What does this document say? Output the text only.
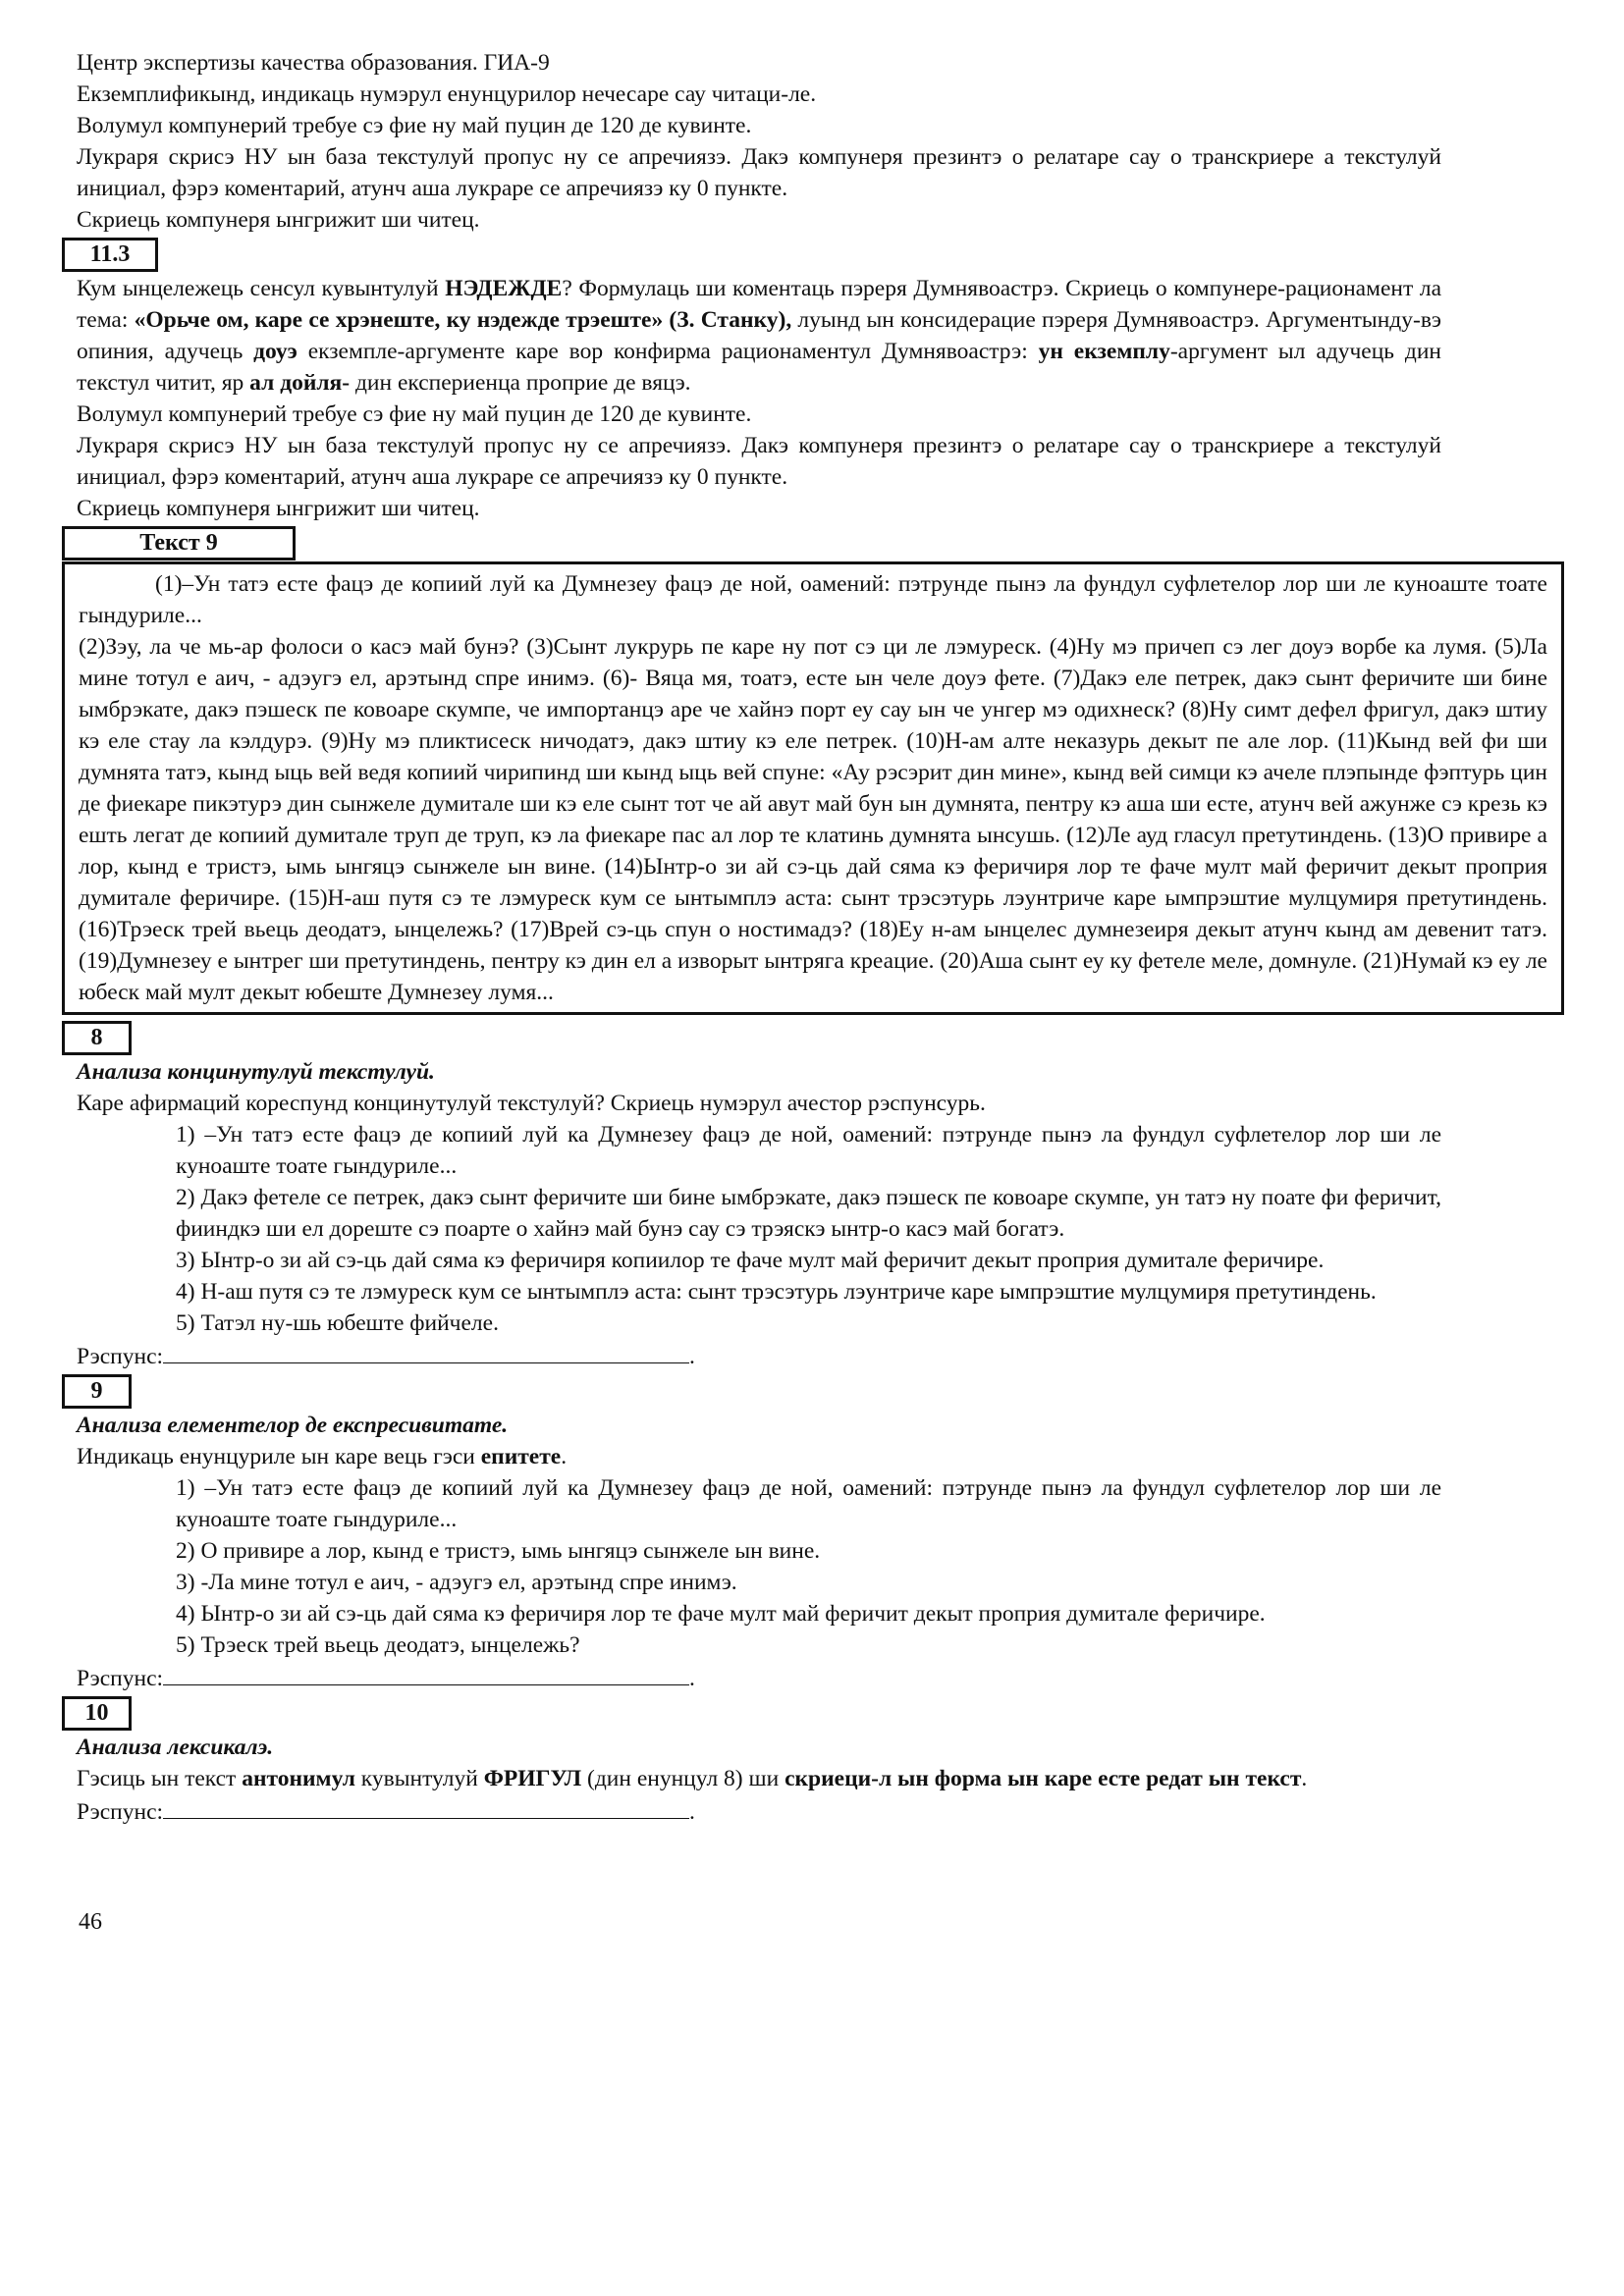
Центр экспертизы качества образования. ГИА-9

Екземплификынд, индикаць нумэрул енунцурилор нечесаре сау читаци-ле.

Волумул компунерий требуе сэ фие ну май пуцин де 120 де кувинте.

Лукраря скрисэ НУ ын база текстулуй пропус ну се апречиязэ. Дакэ компунеря презинтэ о релатаре сау о транскриере а текстулуй инициал, фэрэ коментарий, атунч аша лукраре се апречиязэ ку 0 пункте.

Скриець компунеря ынгрижит ши читец.

11.3

Кум ынцележець сенсул кувынтулуй НЭДЕЖДЕ? Формулаць ши коментаць пэреря Думнявоастрэ. Скриець о компунере-рационамент ла тема: «Орьче ом, каре се хрэнеште, ку нэдежде трэеште» (З. Станку), луынд ын консидерацие пэреря Думнявоастрэ. Аргументынду-вэ опиния, адучець доуэ екземпле-аргументе каре вор конфирма рационаментул Думнявоастрэ: ун екземплу-аргумент ыл адучець дин текстул читит, яр ал дойля- дин експериенца проприе де вяцэ.

Волумул компунерий требуе сэ фие ну май пуцин де 120 де кувинте.

Лукраря скрисэ НУ ын база текстулуй пропус ну се апречиязэ. Дакэ компунеря презинтэ о релатаре сау о транскриере а текстулуй инициал, фэрэ коментарий, атунч аша лукраре се апречиязэ ку 0 пункте.

Скриець компунеря ынгрижит ши читец.

Текст 9

(1)–Ун татэ есте фацэ де копиий луй ка Думнезеу фацэ де ной, оамений: пэтрунде пынэ ла фундул суфлетелор лор ши ле куноаште тоате гындуриле...

(2)Зэу, ла че мь-ар фолоси о касэ май бунэ? (3)Сынт лукрурь пе каре ну пот сэ ци ле лэмуреск. (4)Ну мэ причеп сэ лег доуэ ворбе ка лумя. (5)Ла мине тотул е аич, - адэугэ ел, арэтынд спре инимэ. (6)- Вяца мя, тоатэ, есте ын челе доуэ фете. (7)Дакэ еле петрек, дакэ сынт феричите ши бине ымбрэкате, дакэ пэшеск пе ковоаре скумпе, че импортанцэ аре че хайнэ порт еу сау ын че унгер мэ одихнеск? (8)Ну симт дефел фригул, дакэ штиу кэ еле стау ла кэлдурэ. (9)Ну мэ пликтисеск ничодатэ, дакэ штиу кэ еле петрек. (10)Н-ам алте неказурь декыт пе але лор. (11)Кынд вей фи ши думнята татэ, кынд ыць вей ведя копиий чирипинд ши кынд ыць вей спуне: «Ау рэсэрит дин мине», кынд вей симци кэ ачеле плэпынде фэптурь цин де фиекаре пикэтурэ дин сынжеле думитале ши кэ еле сынт тот че ай авут май бун ын думнята, пентру кэ аша ши есте, атунч вей ажунже сэ крезь кэ ешть легат де копиий думитале труп де труп, кэ ла фиекаре пас ал лор те клатинь думнята ынсушь. (12)Ле ауд гласул претутиндень. (13)О привире а лор, кынд е тристэ, ымь ынгяцэ сынжеле ын вине. (14)Ынтр-о зи ай сэ-ць дай сяма кэ феричиря лор те фаче мулт май феричит декыт проприя думитале феричире. (15)Н-аш путя сэ те лэмуреск кум се ынтымплэ аста: сынт трэсэтурь лэунтриче каре ымпрэштие мулцумиря претутиндень. (16)Трэеск трей вьець деодатэ, ынцележь? (17)Врей сэ-ць спун о ностимадэ? (18)Еу н-ам ынцелес думнезеиря декыт атунч кынд ам девенит татэ. (19)Думнезеу е ынтрег ши претутиндень, пентру кэ дин ел а изворыт ынтряга креацие. (20)Аша сынт еу ку фетеле меле, домнуле. (21)Нумай кэ еу ле юбеск май мулт декыт юбеште Думнезеу лумя...

8

Анализа концинутулуй текстулуй.

Каре афирмаций кореспунд концинутулуй текстулуй? Скриець нумэрул ачестор рэспунсурь.

1) –Ун татэ есте фацэ де копиий луй ка Думнезеу фацэ де ной, оамений: пэтрунде пынэ ла фундул суфлетелор лор ши ле куноаште тоате гындуриле...

2) Дакэ фетеле се петрек, дакэ сынт феричите ши бине ымбрэкате, дакэ пэшеск пе ковоаре скумпе, ун татэ ну поате фи феричит, фииндкэ ши ел дореште сэ поарте о хайнэ май бунэ сау сэ трэяскэ ынтр-о касэ май богатэ.

3) Ынтр-о зи ай сэ-ць дай сяма кэ феричиря копиилор те фаче мулт май феричит декыт проприя думитале феричире.

4) Н-аш путя сэ те лэмуреск кум се ынтымплэ аста: сынт трэсэтурь лэунтриче каре ымпрэштие мулцумиря претутиндень.

5) Татэл ну-шь юбеште фийчеле.

Рэспунс:	.

9

Анализа елементелор де експресивитате.

Индикаць енунцуриле ын каре вець гэси епитете.

1) –Ун татэ есте фацэ де копиий луй ка Думнезеу фацэ де ной, оамений: пэтрунде пынэ ла фундул суфлетелор лор ши ле куноаште тоате гындуриле...

2) О привире а лор, кынд е тристэ, ымь ынгяцэ сынжеле ын вине.

3) -Ла мине тотул е аич, - адэугэ ел, арэтынд спре инимэ.

4) Ынтр-о зи ай сэ-ць дай сяма кэ феричиря лор те фаче мулт май феричит декыт проприя думитале феричире.

5) Трэеск трей вьець деодатэ, ынцележь?

Рэспунс:	.

10

Анализа лексикалэ.

Гэсиць ын текст антонимул кувынтулуй ФРИГУЛ (дин енунцул 8) ши скриеци-л ын форма ын каре есте редат ын текст.

Рэспунс:	.

46
